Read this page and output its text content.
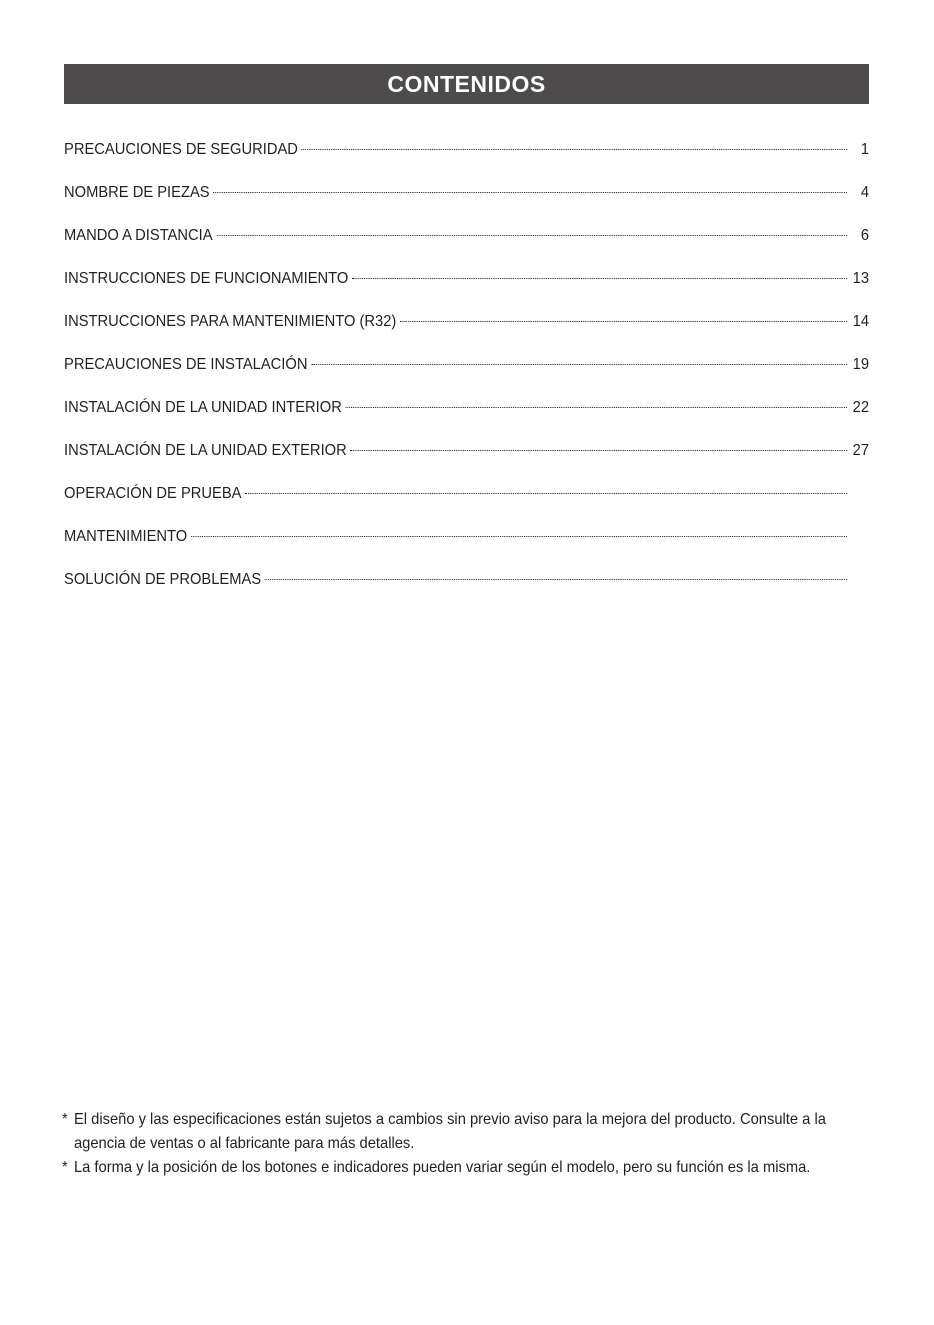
CONTENIDOS
PRECAUCIONES DE SEGURIDAD	1
NOMBRE DE PIEZAS	4
MANDO A DISTANCIA	6
INSTRUCCIONES DE FUNCIONAMIENTO	13
INSTRUCCIONES PARA MANTENIMIENTO (R32)	14
PRECAUCIONES DE INSTALACIÓN	19
INSTALACIÓN DE LA UNIDAD INTERIOR	22
INSTALACIÓN DE LA UNIDAD EXTERIOR	27
OPERACIÓN DE PRUEBA
MANTENIMIENTO
SOLUCIÓN DE PROBLEMAS
* El diseño y las especificaciones están sujetos a cambios sin previo aviso para la mejora del producto. Consulte a la agencia de ventas o al fabricante para más detalles.
* La forma y la posición de los botones e indicadores pueden variar según el modelo, pero su función es la misma.
